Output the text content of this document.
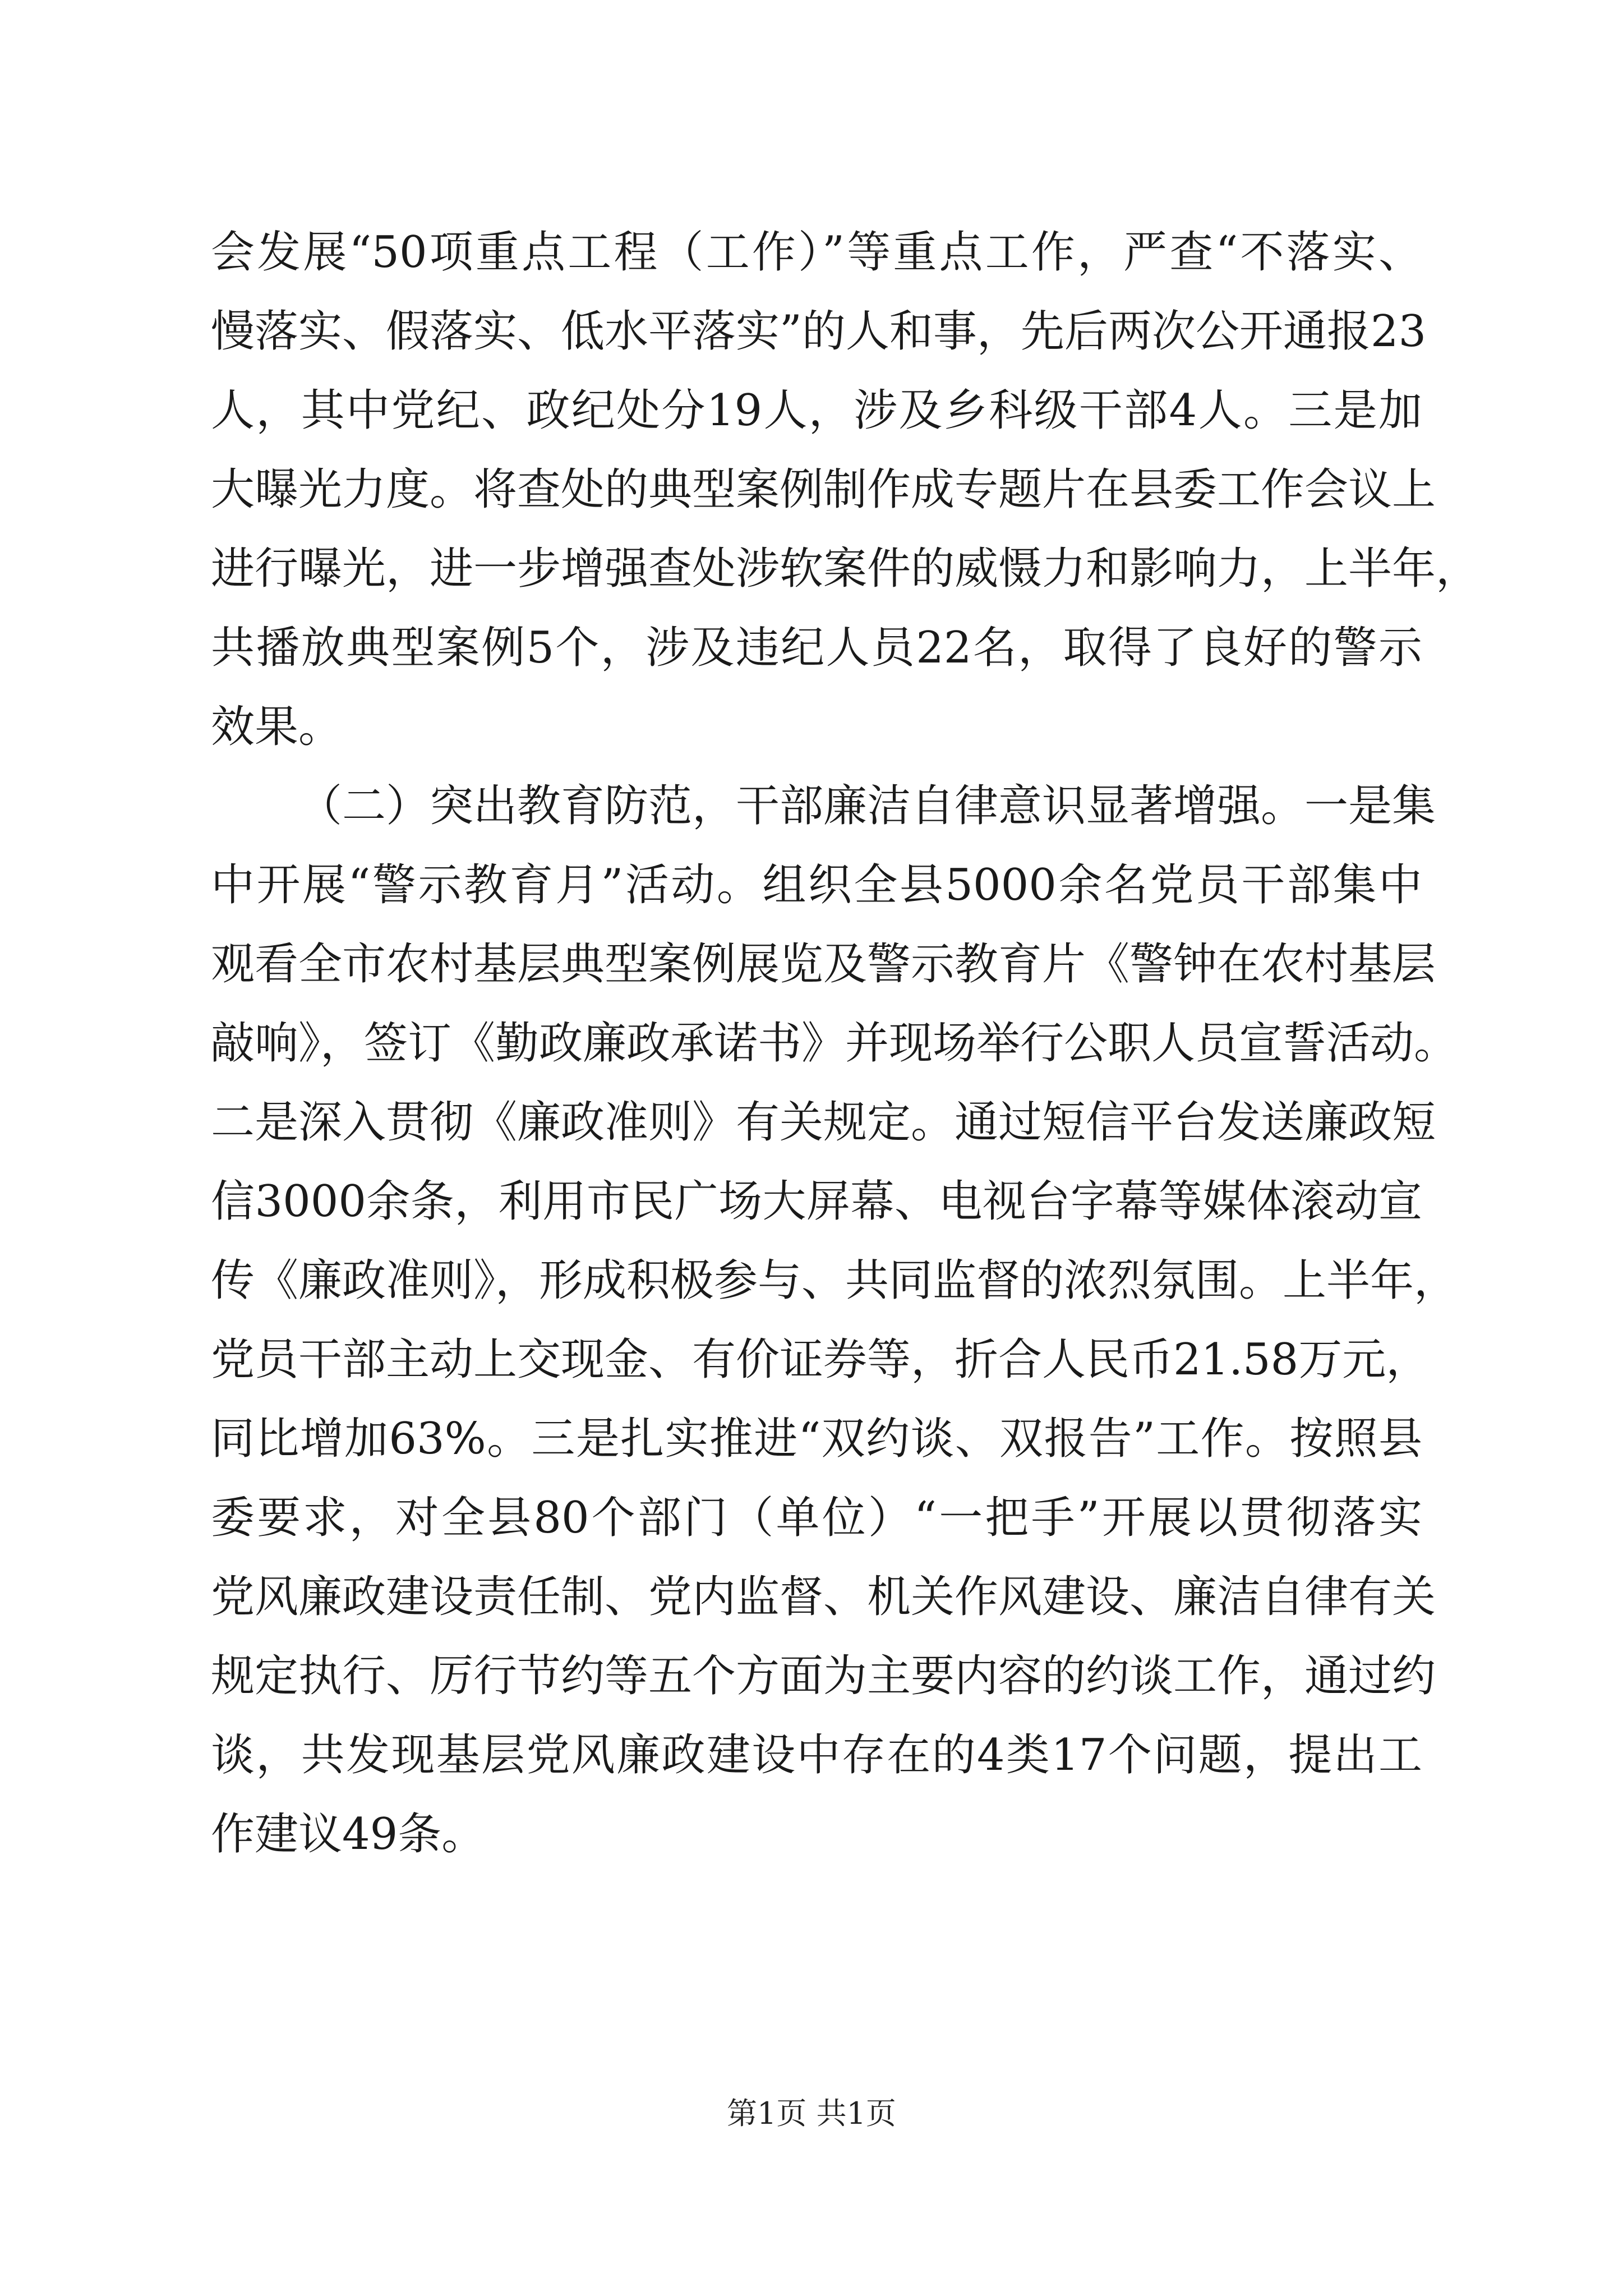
会发展“50项重点工程（工作）”等重点工作，严查“不落实、
慢落实、假落实、低水平落实”的人和事，先后两次公开通报23
人，其中党纪、政纪处分19人，涉及乡科级干部4人。三是加
大曝光力度。将查处的典型案例制作成专题片在县委工作会议上
进行曝光，进一步增强查处涉软案件的威慑力和影响力，上半年，
共播放典型案例5个，涉及违纪人员22名，取得了良好的警示
效果。
（二）突出教育防范，干部廉洁自律意识显著增强。一是集
中开展“警示教育月”活动。组织全县5000余名党员干部集中
观看全市农村基层典型案例展览及警示教育片《警钟在农村基层
敲响》，签订《勤政廉政承诺书》并现场举行公职人员宣誓活动。
二是深入贯彻《廉政准则》有关规定。通过短信平台发送廉政短
信3000余条，利用市民广场大屏幕、电视台字幕等媒体滚动宣
传《廉政准则》，形成积极参与、共同监督的浓烈氛围。上半年，
党员干部主动上交现金、有价证券等，折合人民币21.58万元，
同比增加63%。三是扎实推进“双约谈、双报告”工作。按照县
委要求，对全县80个部门（单位）“一把手”开展以贯彻落实
党风廉政建设责任制、党内监督、机关作风建设、廉洁自律有关
规定执行、厉行节约等五个方面为主要内容的约谈工作，通过约
谈，共发现基层党风廉政建设中存在的4类17个问题，提出工
作建议49条。
第1页 共1页
